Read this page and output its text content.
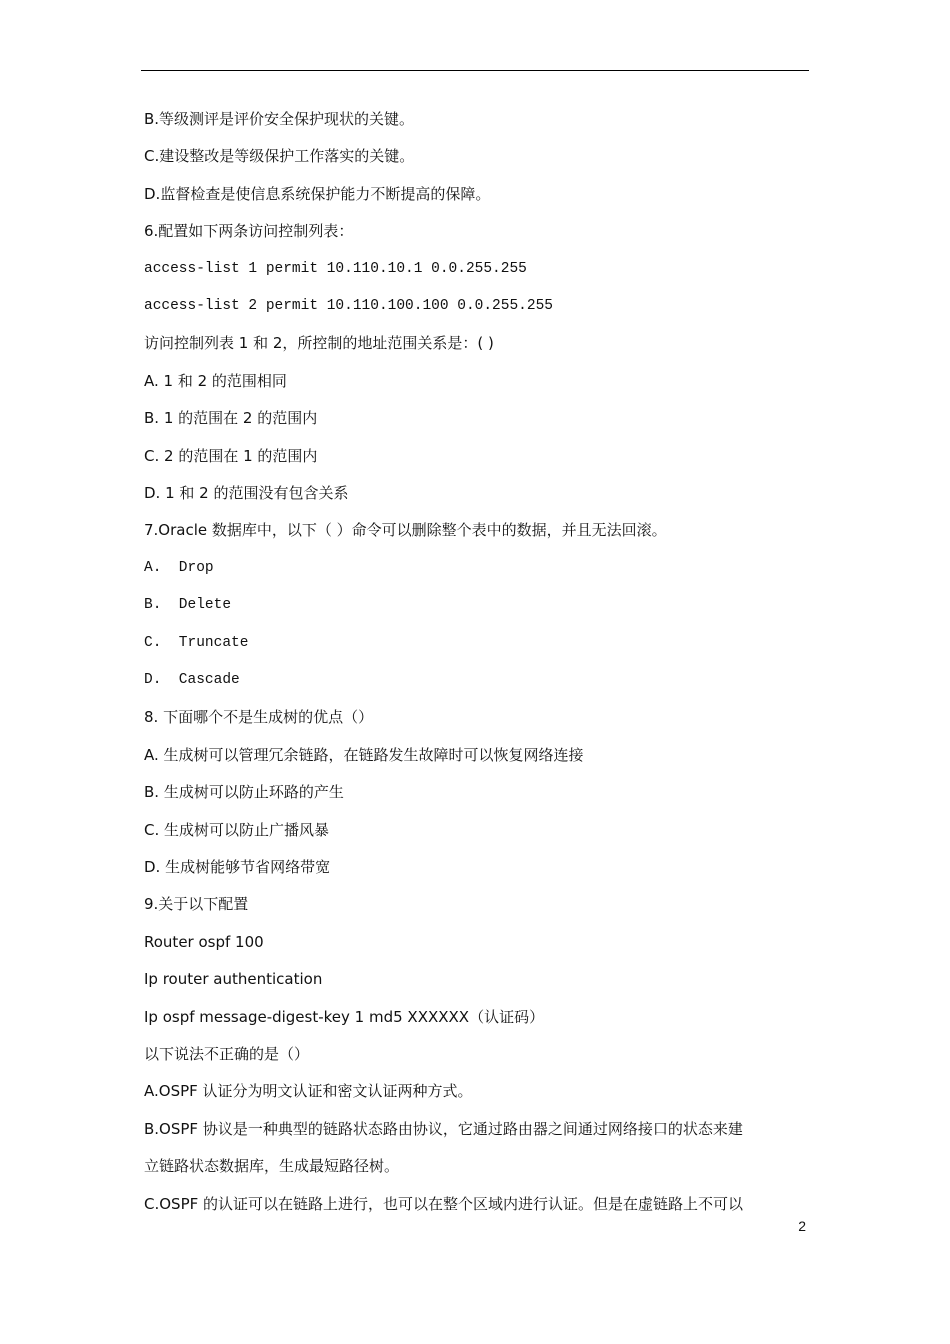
B.等级测评是评价安全保护现状的关键。
C.建设整改是等级保护工作落实的关键。
D.监督检查是使信息系统保护能力不断提高的保障。
6.配置如下两条访问控制列表：
access-list 1 permit 10.110.10.1 0.0.255.255
access-list 2 permit 10.110.100.100 0.0.255.255
访问控制列表 1 和 2，所控制的地址范围关系是：( )
A. 1 和 2 的范围相同
B. 1 的范围在 2 的范围内
C. 2 的范围在 1 的范围内
D. 1 和 2 的范围没有包含关系
7.Oracle 数据库中，以下（ ）命令可以删除整个表中的数据，并且无法回滚。
A.  Drop
B.  Delete
C.  Truncate
D.  Cascade
8. 下面哪个不是生成树的优点（）
A. 生成树可以管理冗余链路，在链路发生故障时可以恢复网络连接
B. 生成树可以防止环路的产生
C. 生成树可以防止广播风暴
D. 生成树能够节省网络带宽
9.关于以下配置
Router ospf 100
Ip router authentication
Ip ospf message-digest-key 1 md5 XXXXXX（认证码）
以下说法不正确的是（）
A.OSPF 认证分为明文认证和密文认证两种方式。
B.OSPF 协议是一种典型的链路状态路由协议，它通过路由器之间通过网络接口的状态来建
立链路状态数据库，生成最短路径树。
C.OSPF 的认证可以在链路上进行，也可以在整个区域内进行认证。但是在虚链路上不可以
2
